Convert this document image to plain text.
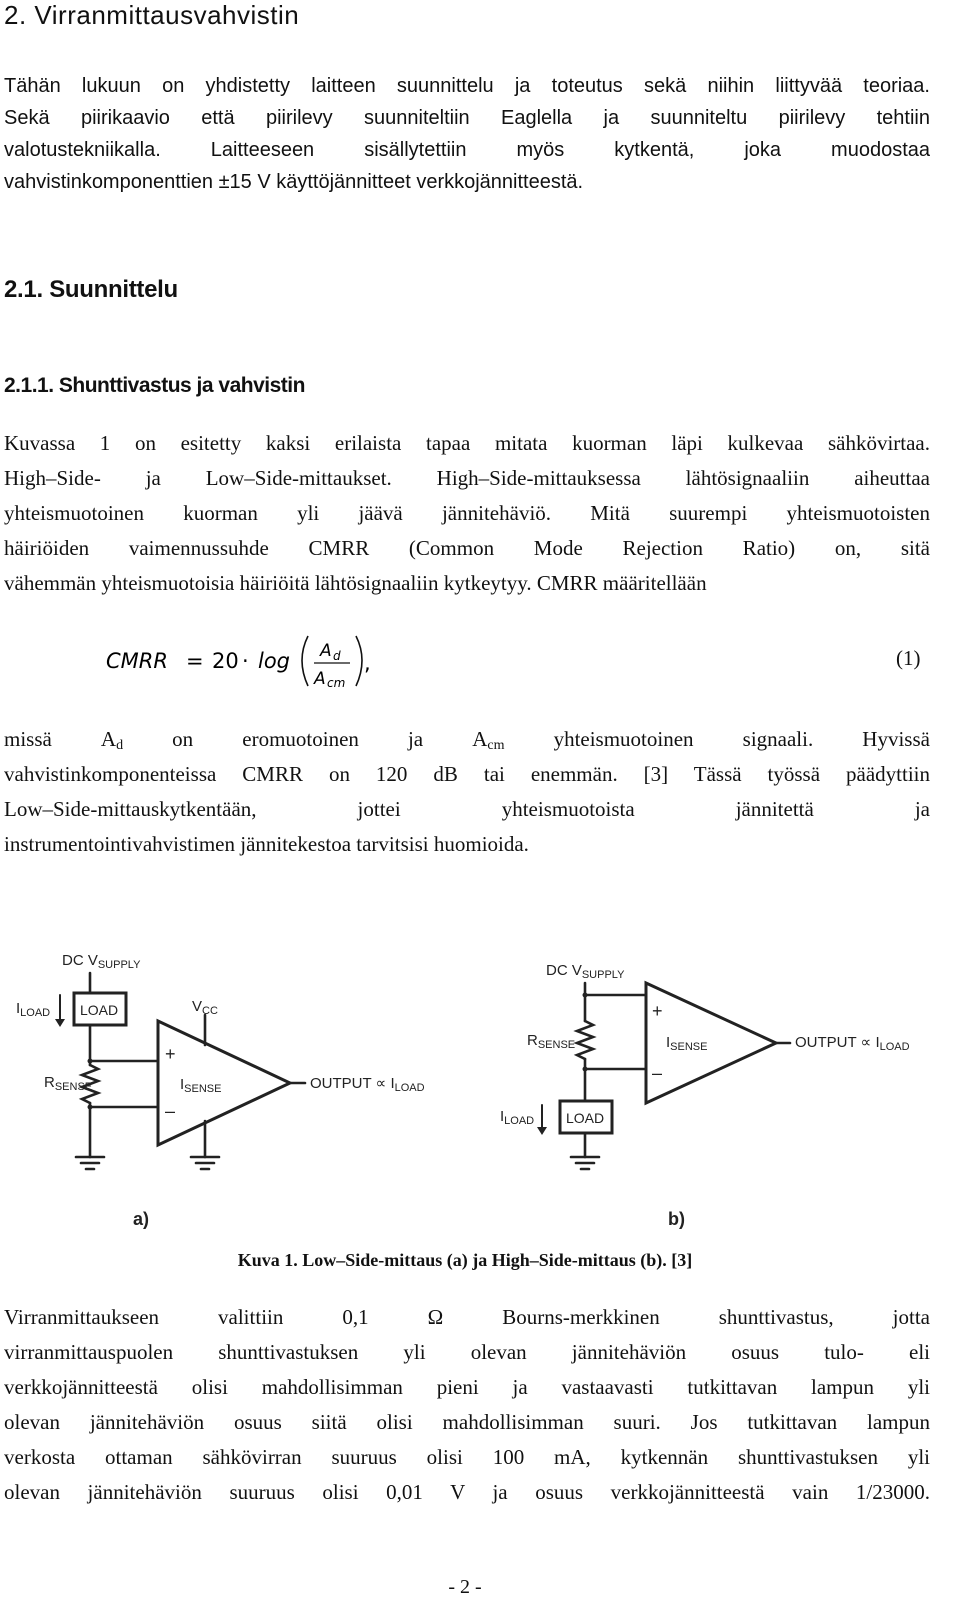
2. Virranmittausvahvistin
Tähän lukuun on yhdistetty laitteen suunnittelu ja toteutus sekä niihin liittyvää teoriaa.
Sekä piirikaavio että piirilevy suunniteltiin Eaglella ja suunniteltu piirilevy tehtiin
valotustekniikalla. Laitteeseen sisällytettiin myös kytkentä, joka muodostaa
vahvistinkomponenttien ±15 V käyttöjännitteet verkkojännitteestä.
2.1. Suunnittelu
2.1.1. Shunttivastus ja vahvistin
Kuvassa 1 on esitetty kaksi erilaista tapaa mitata kuorman läpi kulkevaa sähkövirtaa.
High–Side- ja Low–Side-mittaukset. High–Side-mittauksessa lähtösignaaliin aiheuttaa
yhteismuotoinen kuorman yli jäävä jännitehäviö. Mitä suurempi yhteismuotoisten
häiriöiden vaimennussuhde CMRR (Common Mode Rejection Ratio) on, sitä
vähemmän yhteismuotoisia häiriöitä lähtösignaaliin kytkeytyy. CMRR määritellään
CMRR = 20 · log A d
A cm
,	(1)
missä $A_d$ on eromuotoinen ja $A_{cm}$ yhteismuotoinen signaali. Hyvissä
vahvistinkomponenteissa CMRR on 120 dB tai enemmän. [3] Tässä työssä päädyttiin
Low–Side-mittauskytkentään, jottei yhteismuotoista jännitettä ja
instrumentointivahvistimen jännitekestoa tarvitsisi huomioida.
DC $V_{SUPPLY}$
LOAD
$I_{LOAD}$
$R_{SENSE}$
+
–
$I_{SENSE}$
$V_{CC}$
OUTPUT ∝ $I_{LOAD}$
a)
DC $V_{SUPPLY}$
$R_{SENSE}$
+
–
$I_{SENSE}$	OUTPUT ∝ $I_{LOAD}$
LOAD
$I_{LOAD}$
b)
Kuva 1. Low–Side-mittaus (a) ja High–Side-mittaus (b). [3]
Virranmittaukseen valittiin 0,1 Ω Bourns-merkkinen shunttivastus, jotta
virranmittauspuolen shunttivastuksen yli olevan jännitehäviön osuus tulo- eli
verkkojännitteestä olisi mahdollisimman pieni ja vastaavasti tutkittavan lampun yli
olevan jännitehäviön osuus siitä olisi mahdollisimman suuri. Jos tutkittavan lampun
verkosta ottaman sähkövirran suuruus olisi 100 mA, kytkennän shunttivastuksen yli
olevan jännitehäviön suuruus olisi 0,01 V ja osuus verkkojännitteestä vain 1/23000.
- 2 -
